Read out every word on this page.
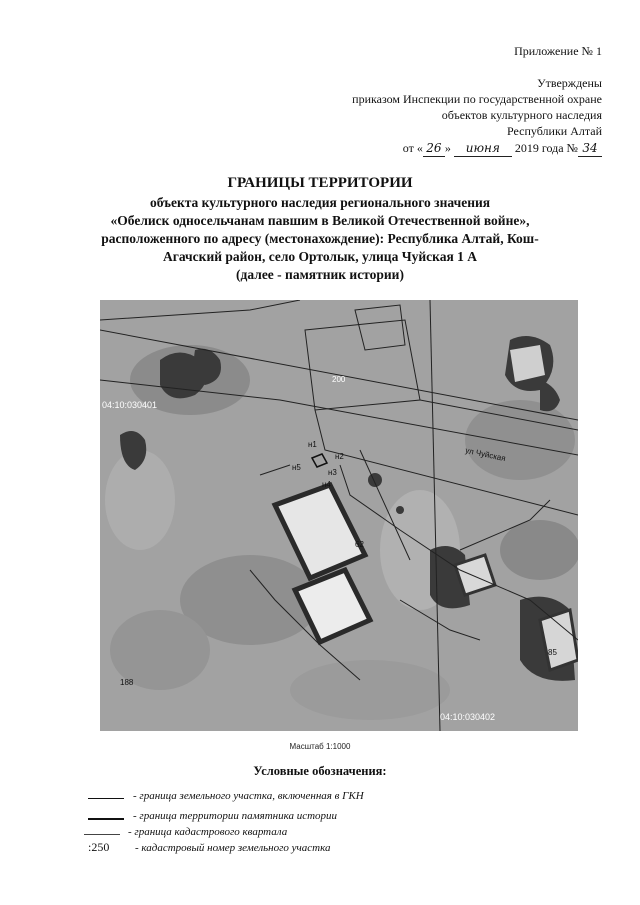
Приложение № 1
Утверждены
приказом Инспекции по государственной охране
объектов культурного наследия
Республики Алтай
от « 26 » июня 2019 года № 34
ГРАНИЦЫ ТЕРРИТОРИИ
объекта культурного наследия регионального значения
«Обелиск односельчанам павшим в Великой Отечественной войне»,
расположенного по адресу (местонахождение): Республика Алтай, Кош-
Агачский район, село Ортолык, улица Чуйская 1 А
(далее - памятник истории)
200
04:10:030401
ул Чуйская
н1
н2
н3
н4
н5
62
85
188
04:10:030402
Масштаб 1:1000
Условные обозначения:
- граница земельного участка, включенная в ГКН
- граница территории памятника истории
- граница кадастрового квартала
:250 - кадастровый номер земельного участка
